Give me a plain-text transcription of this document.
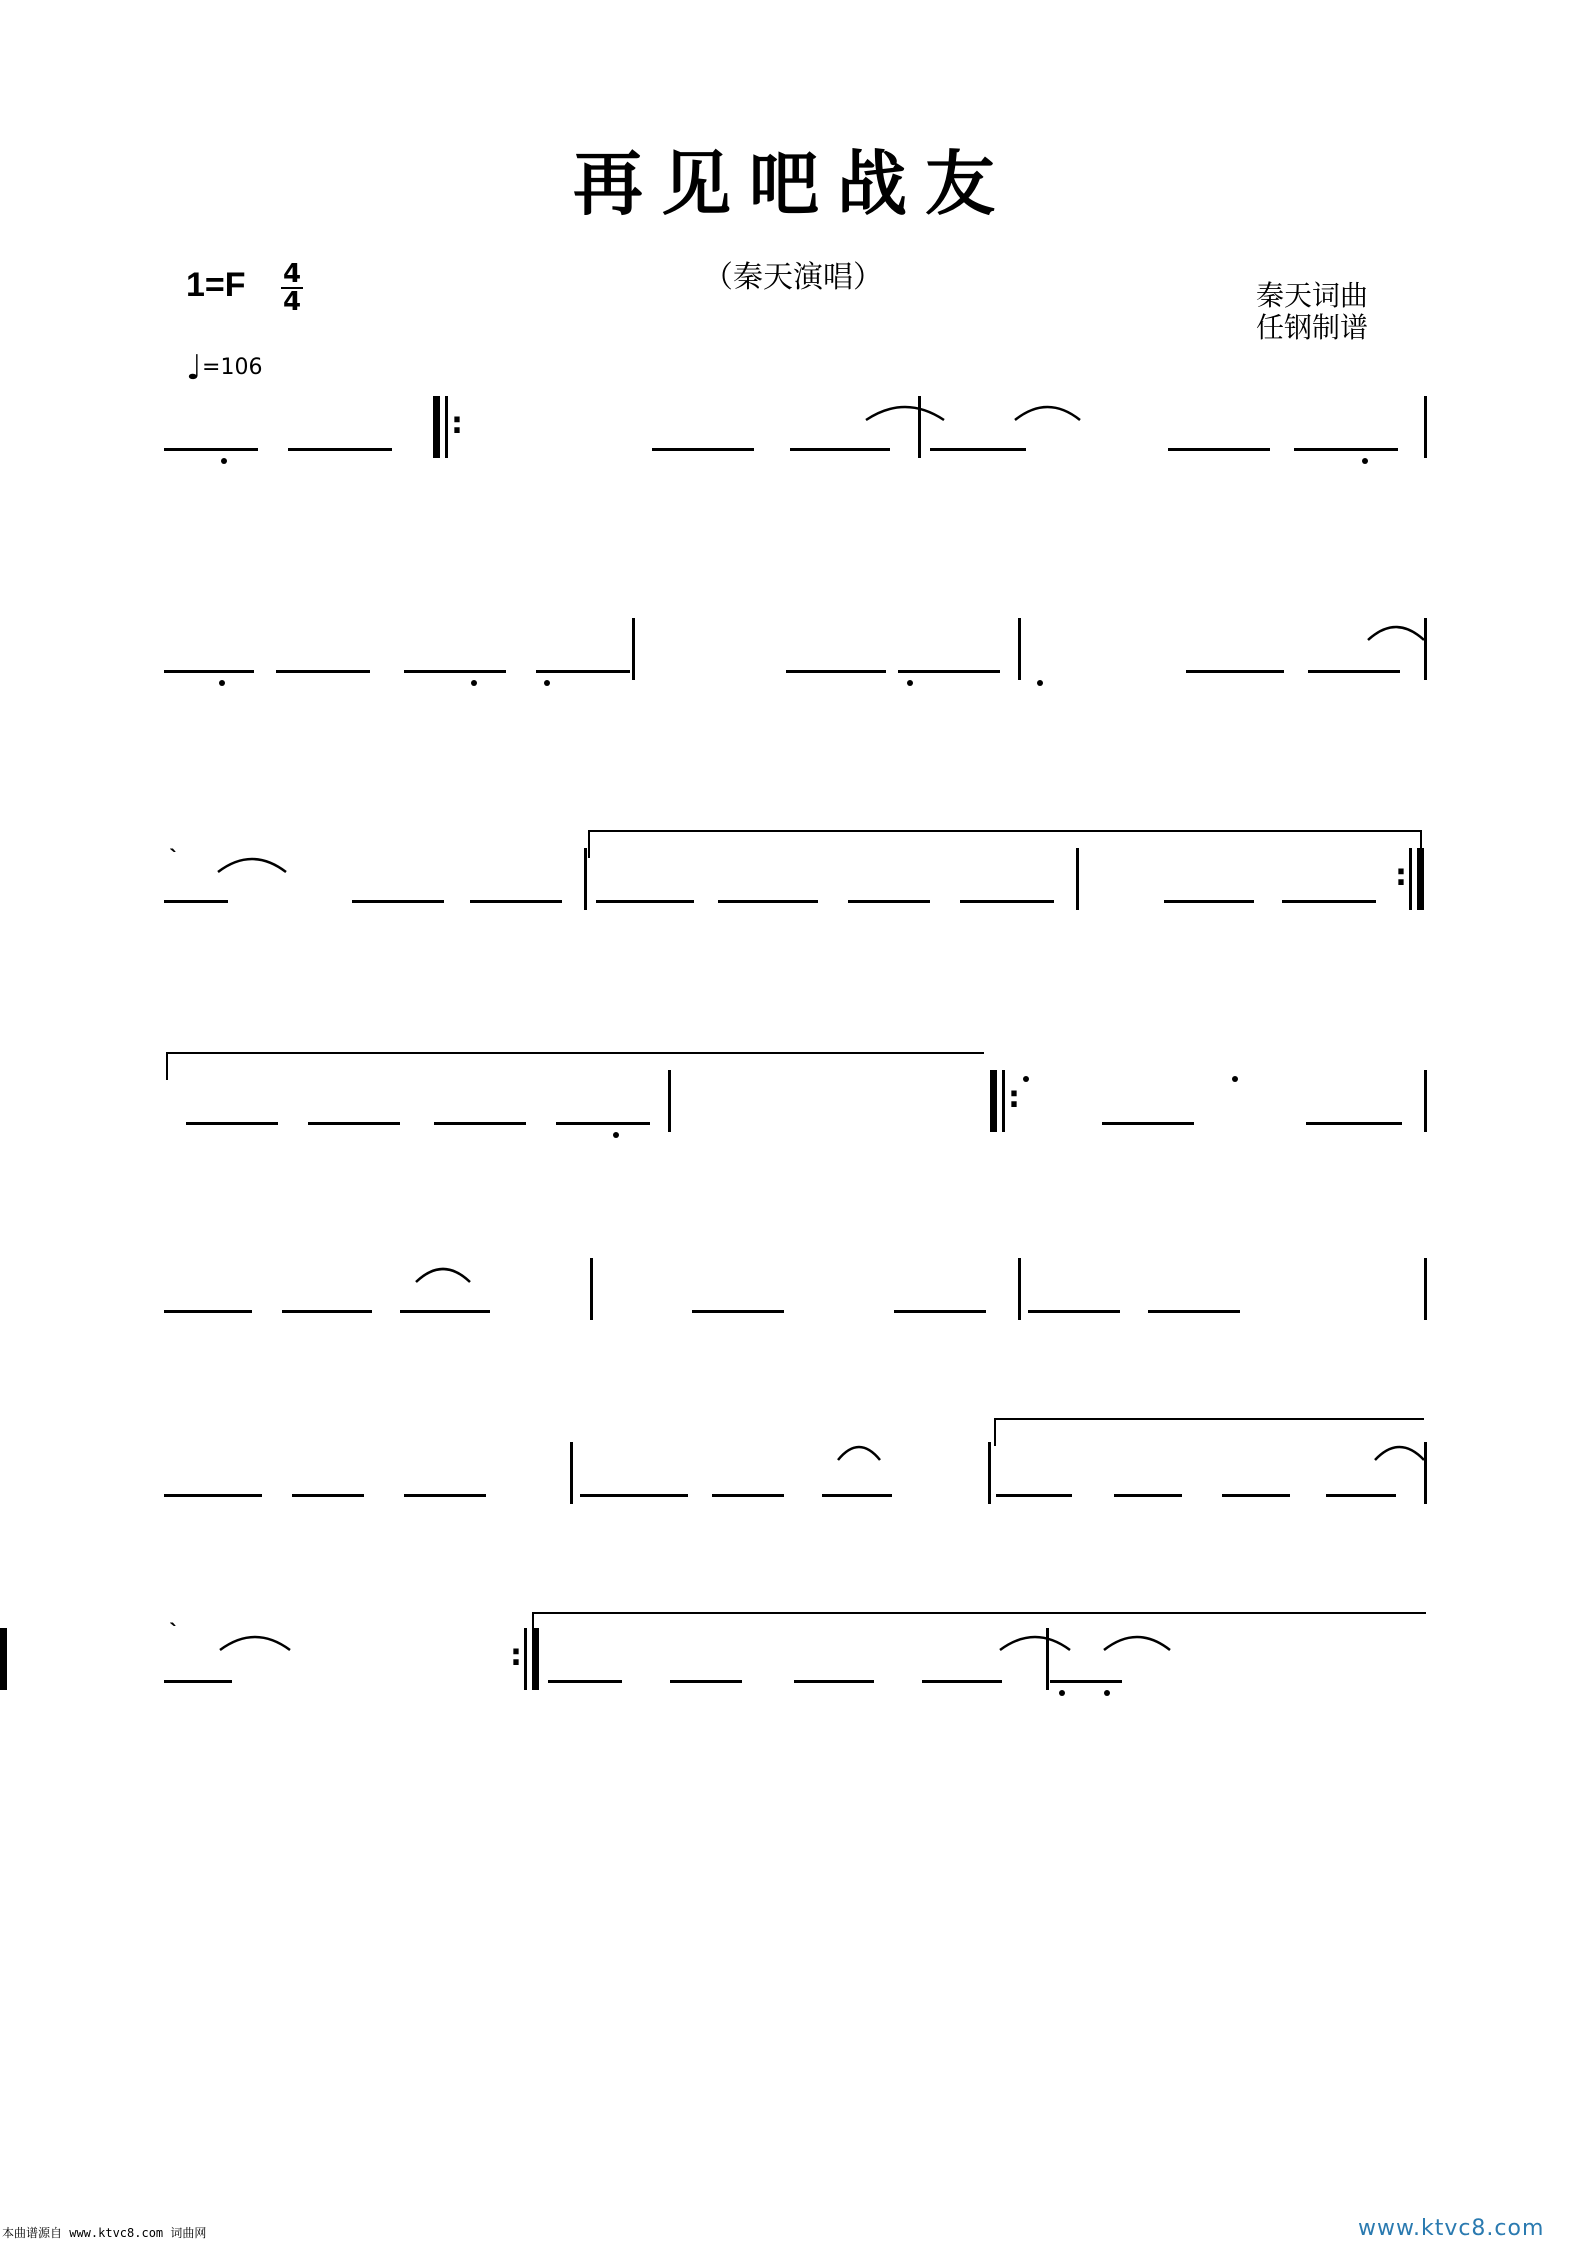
再见吧战友
（秦天演唱）
1=F 4
4
♩=106
秦天词曲
任钢制谱
:
:
:
:
`
`
本曲谱源自 www.ktvc8.com 词曲网	www.ktvc8.com
